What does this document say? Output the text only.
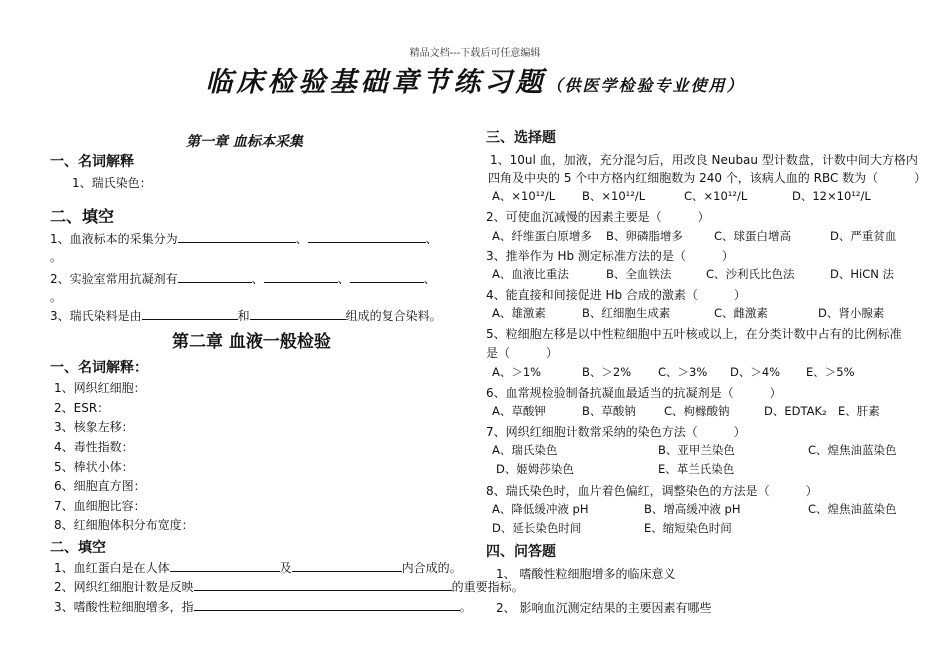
精品文档---下载后可任意编辑
临床检验基础章节练习题（供医学检验专业使用）
第一章 血标本采集
一、名词解释
1、瑞氏染色：
二、填空
1、血液标本的采集分为	、	、
。
2、实验室常用抗凝剂有	、	、	、
。
3、瑞氏染料是由	和	组成的复合染料。
第二章 血液一般检验
一、名词解释：
1、网织红细胞：
2、ESR：
3、核象左移：
4、毒性指数：
5、棒状小体：
6、细胞直方图：
7、血细胞比容：
8、红细胞体积分布宽度：
二、填空
1、血红蛋白是在人体	及	内合成的。
2、网织红细胞计数是反映	的重要指标。
3、嗜酸性粒细胞增多，指	。
三、选择题
1、10ul 血，加液，充分混匀后，用改良 Neubau 型计数盘，计数中间大方格内
四角及中央的 5 个中方格内红细胞数为 240 个，该病人血的 RBC 数为（　　　）
A、×10¹²/L B、×10¹²/L	C、×10¹²/L	D、12×10¹²/L
2、可使血沉减慢的因素主要是（　　　）
A、纤维蛋白原增多 B、卵磷脂增多	C、球蛋白增高	D、严重贫血
3、推举作为 Hb 测定标准方法的是（　　　）
A、血液比重法	B、全血铁法	C、沙利氏比色法	D、HiCN 法
4、能直接和间接促进 Hb 合成的激素（　　　）
A、雄激素	B、红细胞生成素	C、雌激素	D、肾小腺素
5、粒细胞左移是以中性粒细胞中五叶核或以上，在分类计数中占有的比例标准
是（　　　）
A、＞1%	B、＞2% C、＞3% D、＞4% E、＞5%
6、血常规检验制备抗凝血最适当的抗凝剂是（　　　）
A、草酸钾	B、草酸钠 C、枸橼酸钠	D、EDTAK₂ E、肝素
7、网织红细胞计数常采纳的染色方法（　　　）
A、瑞氏染色	B、亚甲兰染色	C、煌焦油蓝染色
D、姬姆莎染色	E、革兰氏染色
8、瑞氏染色时，血片着色偏红，调整染色的方法是（　　　）
A、降低缓冲液 pH	B、增高缓冲液 pH	C、煌焦油蓝染色
D、延长染色时间	E、缩短染色时间
四、问答题
1、 嗜酸性粒细胞增多的临床意义
2、 影响血沉测定结果的主要因素有哪些
